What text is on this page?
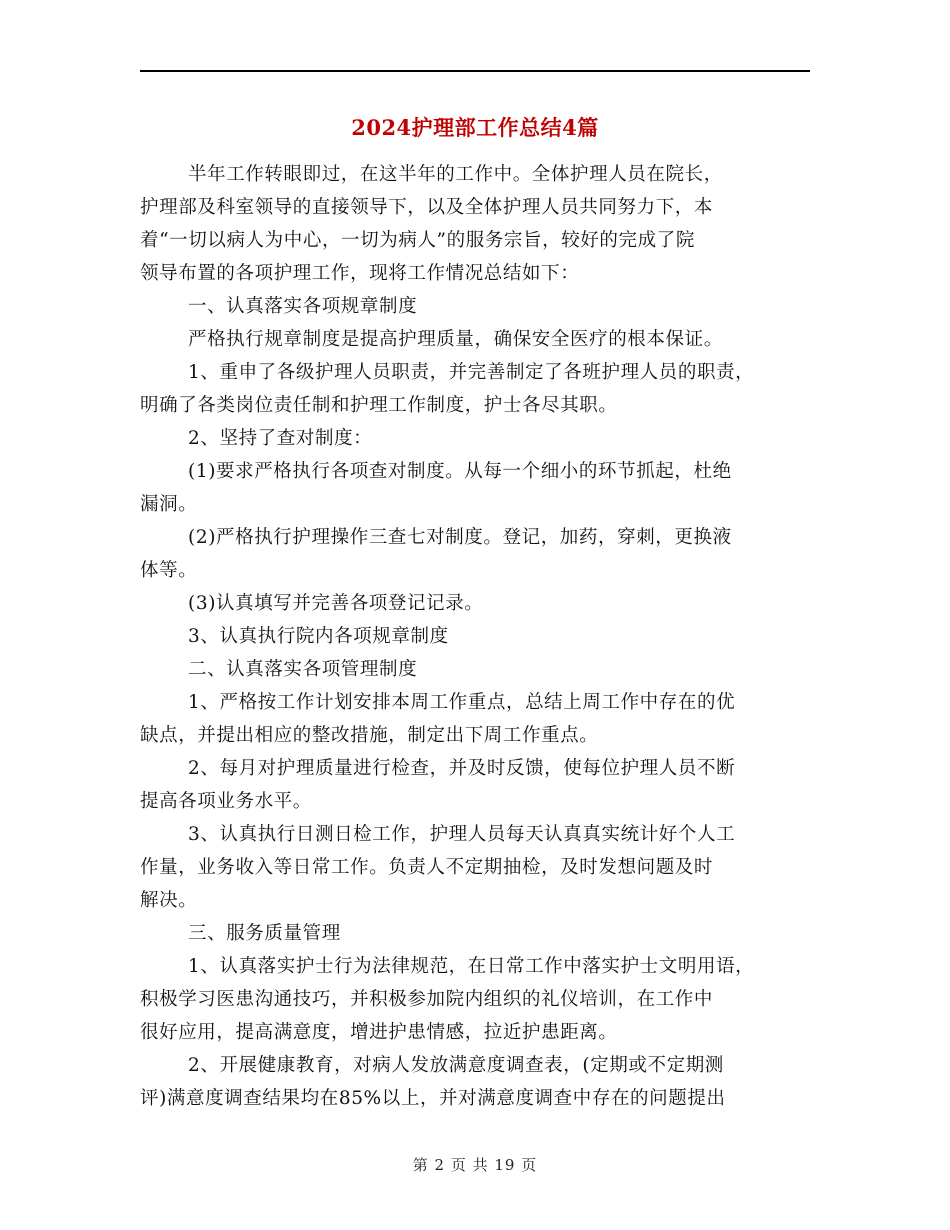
2024护理部工作总结4篇
半年工作转眼即过，在这半年的工作中。全体护理人员在院长，
护理部及科室领导的直接领导下，以及全体护理人员共同努力下，本
着“一切以病人为中心，一切为病人”的服务宗旨，较好的完成了院
领导布置的各项护理工作，现将工作情况总结如下：
一、认真落实各项规章制度
严格执行规章制度是提高护理质量，确保安全医疗的根本保证。
1、重申了各级护理人员职责，并完善制定了各班护理人员的职责，
明确了各类岗位责任制和护理工作制度，护士各尽其职。
2、坚持了查对制度：
(1)要求严格执行各项查对制度。从每一个细小的环节抓起，杜绝
漏洞。
(2)严格执行护理操作三查七对制度。登记，加药，穿刺，更换液
体等。
(3)认真填写并完善各项登记记录。
3、认真执行院内各项规章制度
二、认真落实各项管理制度
1、严格按工作计划安排本周工作重点，总结上周工作中存在的优
缺点，并提出相应的整改措施，制定出下周工作重点。
2、每月对护理质量进行检查，并及时反馈，使每位护理人员不断
提高各项业务水平。
3、认真执行日测日检工作，护理人员每天认真真实统计好个人工
作量，业务收入等日常工作。负责人不定期抽检，及时发想问题及时
解决。
三、服务质量管理
1、认真落实护士行为法律规范，在日常工作中落实护士文明用语，
积极学习医患沟通技巧，并积极参加院内组织的礼仪培训，在工作中
很好应用，提高满意度，增进护患情感，拉近护患距离。
2、开展健康教育，对病人发放满意度调查表，(定期或不定期测
评)满意度调查结果均在85%以上，并对满意度调查中存在的问题提出
第 2 页 共 19 页
